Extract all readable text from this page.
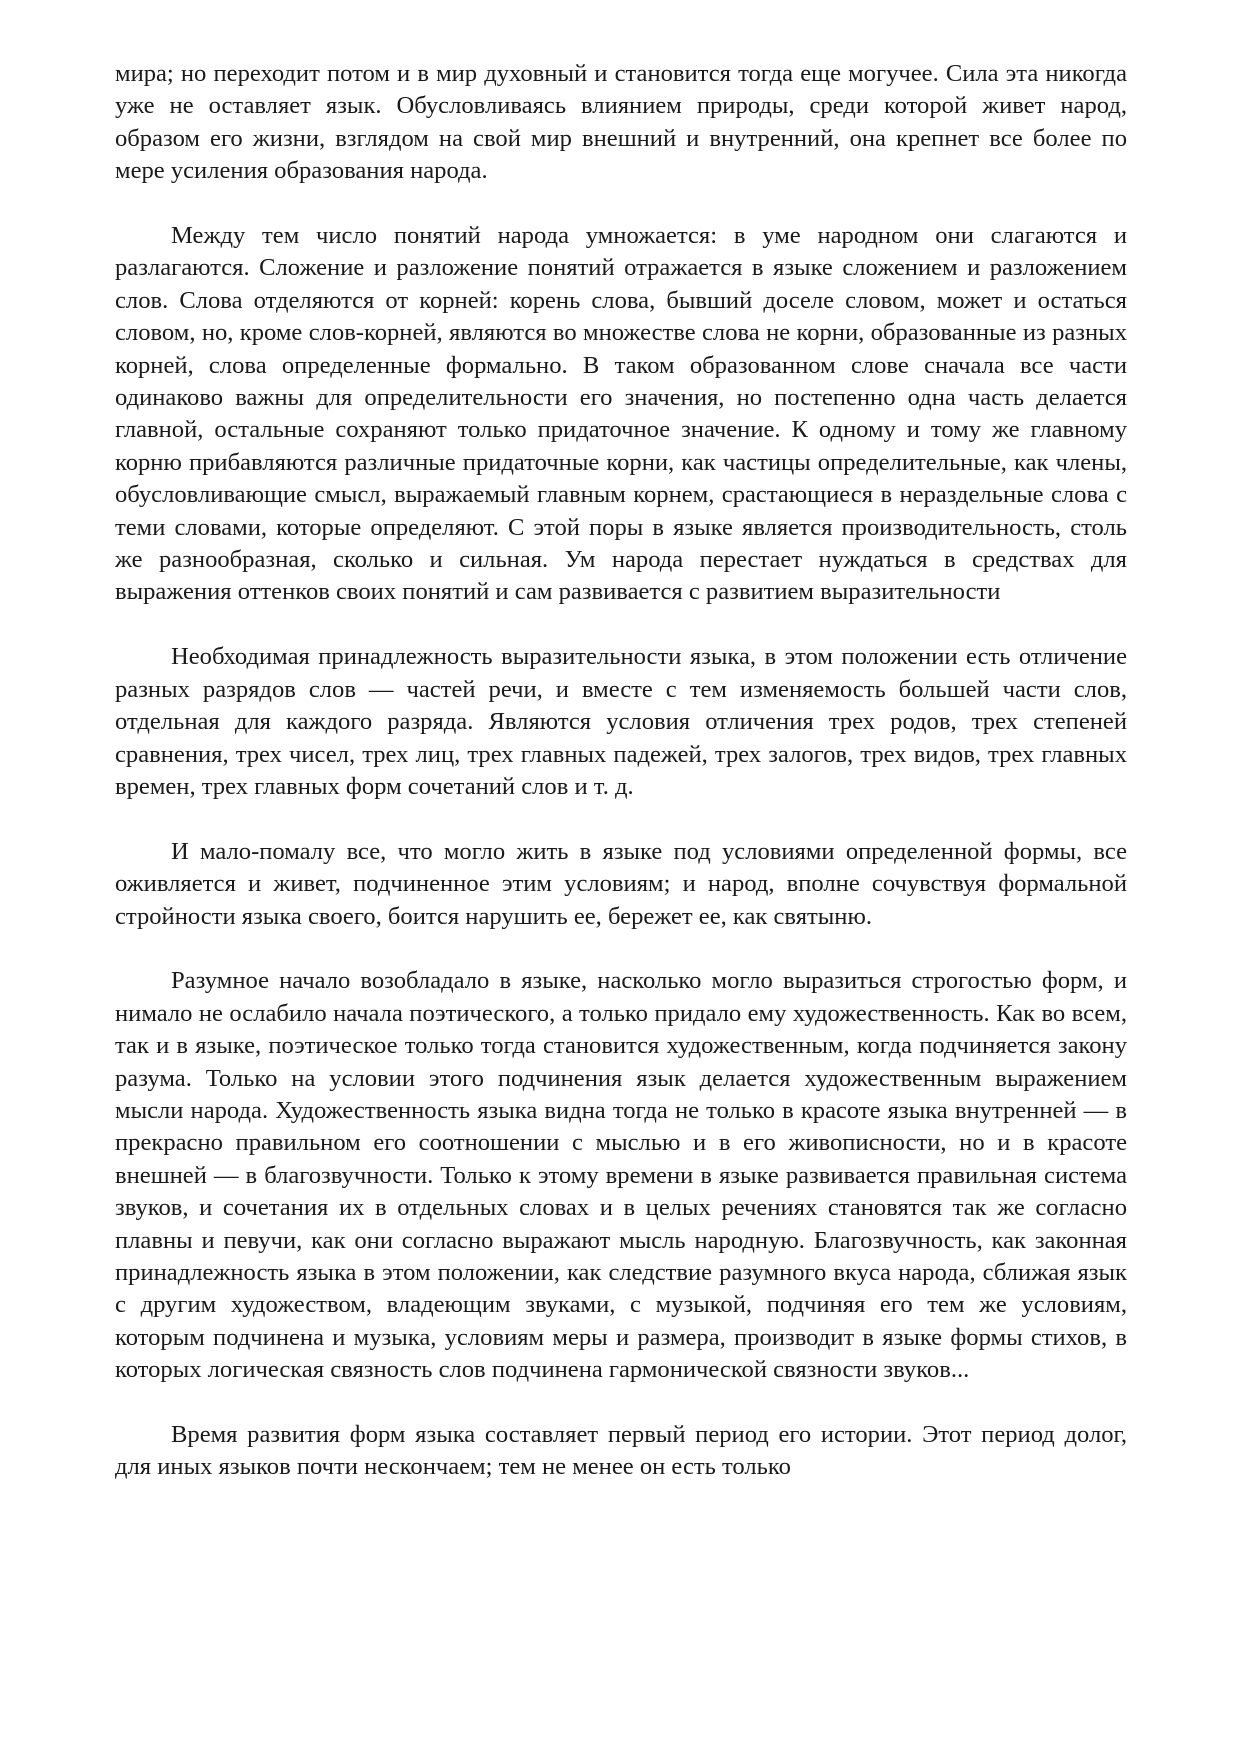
мира; но переходит потом и в мир духовный и становится тогда еще могучее. Сила эта никогда уже не оставляет язык. Обусловливаясь влиянием природы, среди которой живет народ, образом его жизни, взглядом на свой мир внешний и внутренний, она крепнет все более по мере усиления образования народа.

Между тем число понятий народа умножается: в уме народном они слагаются и разлагаются. Сложение и разложение понятий отражается в языке сложением и разложением слов. Слова отделяются от корней: корень слова, бывший доселе словом, может и остаться словом, но, кроме слов-корней, являются во множестве слова не корни, образованные из разных корней, слова определенные формально. В таком образованном слове сначала все части одинаково важны для определительности его значения, но постепенно одна часть делается главной, остальные сохраняют только придаточное значение. К одному и тому же главному корню прибавляются различные придаточные корни, как частицы определительные, как члены, обусловливающие смысл, выражаемый главным корнем, срастающиеся в нераздельные слова с теми словами, которые определяют. С этой поры в языке является производительность, столь же разнообразная, сколько и сильная. Ум народа перестает нуждаться в средствах для выражения оттенков своих понятий и сам развивается с развитием выразительности

Необходимая принадлежность выразительности языка, в этом положении есть отличение разных разрядов слов — частей речи, и вместе с тем изменяемость большей части слов, отдельная для каждого разряда. Являются условия отличения трех родов, трех степеней сравнения, трех чисел, трех лиц, трех главных падежей, трех залогов, трех видов, трех главных времен, трех главных форм сочетаний слов и т. д.

И мало-помалу все, что могло жить в языке под условиями определенной формы, все оживляется и живет, подчиненное этим условиям; и народ, вполне сочувствуя формальной стройности языка своего, боится нарушить ее, бережет ее, как святыню.

Разумное начало возобладало в языке, насколько могло выразиться строгостью форм, и нимало не ослабило начала поэтического, а только придало ему художественность. Как во всем, так и в языке, поэтическое только тогда становится художественным, когда подчиняется закону разума. Только на условии этого подчинения язык делается художественным выражением мысли народа. Художественность языка видна тогда не только в красоте языка внутренней — в прекрасно правильном его соотношении с мыслью и в его живописности, но и в красоте внешней — в благозвучности. Только к этому времени в языке развивается правильная система звуков, и сочетания их в отдельных словах и в целых речениях становятся так же согласно плавны и певучи, как они согласно выражают мысль народную. Благозвучность, как законная принадлежность языка в этом положении, как следствие разумного вкуса народа, сближая язык с другим художеством, владеющим звуками, с музыкой, подчиняя его тем же условиям, которым подчинена и музыка, условиям меры и размера, производит в языке формы стихов, в которых логическая связность слов подчинена гармонической связности звуков...

Время развития форм языка составляет первый период его истории. Этот период долог, для иных языков почти нескончаем; тем не менее он есть только
